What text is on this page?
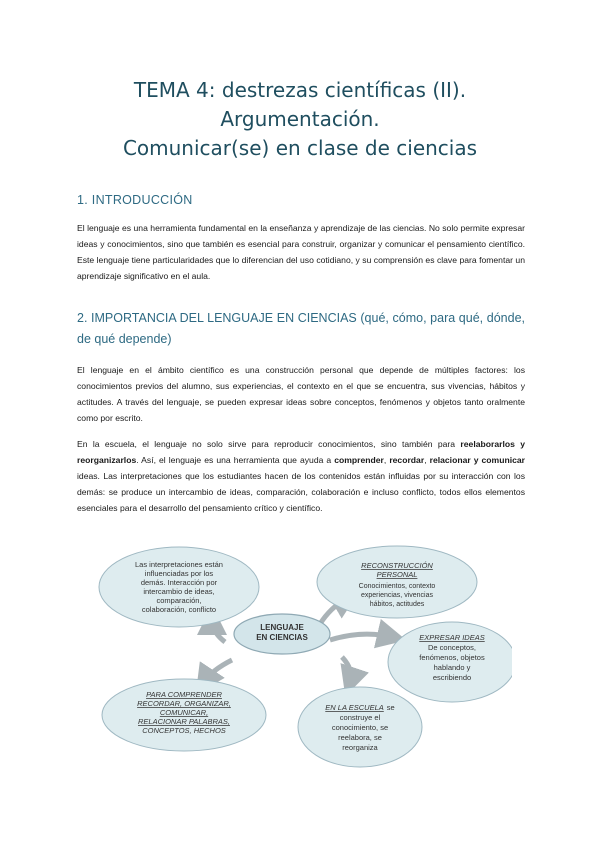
TEMA 4: destrezas científicas (II).
Argumentación.
Comunicar(se) en clase de ciencias
1. INTRODUCCIÓN
El lenguaje es una herramienta fundamental en la enseñanza y aprendizaje de las ciencias. No solo permite expresar ideas y conocimientos, sino que también es esencial para construir, organizar y comunicar el pensamiento científico. Este lenguaje tiene particularidades que lo diferencian del uso cotidiano, y su comprensión es clave para fomentar un aprendizaje significativo en el aula.
2. IMPORTANCIA DEL LENGUAJE EN CIENCIAS (qué, cómo, para qué, dónde, de qué depende)
El lenguaje en el ámbito científico es una construcción personal que depende de múltiples factores: los conocimientos previos del alumno, sus experiencias, el contexto en el que se encuentra, sus vivencias, hábitos y actitudes. A través del lenguaje, se pueden expresar ideas sobre conceptos, fenómenos y objetos tanto oralmente como por escrito.
En la escuela, el lenguaje no solo sirve para reproducir conocimientos, sino también para reelaborarlos y reorganizarlos. Así, el lenguaje es una herramienta que ayuda a comprender, recordar, relacionar y comunicar ideas. Las interpretaciones que los estudiantes hacen de los contenidos están influidas por su interacción con los demás: se produce un intercambio de ideas, comparación, colaboración e incluso conflicto, todos ellos elementos esenciales para el desarrollo del pensamiento crítico y científico.
Las interpretaciones están
influenciadas por los
demás. Interacción por
intercambio de ideas,
comparación,
colaboración, conflicto
RECONSTRUCCIÓN
PERSONAL
Conocimientos, contexto
experiencias, vivencias
hábitos, actitudes
LENGUAJE
EN CIENCIAS	EXPRESAR IDEAS
De conceptos,
fenómenos, objetos
hablando y
escribiendo
PARA COMPRENDER
RECORDAR, ORGANIZAR,
COMUNICAR,
RELACIONAR PALABRAS,
CONCEPTOS, HECHOS
EN LA ESCUELA se
construye el
conocimiento, se
reelabora, se
reorganiza
